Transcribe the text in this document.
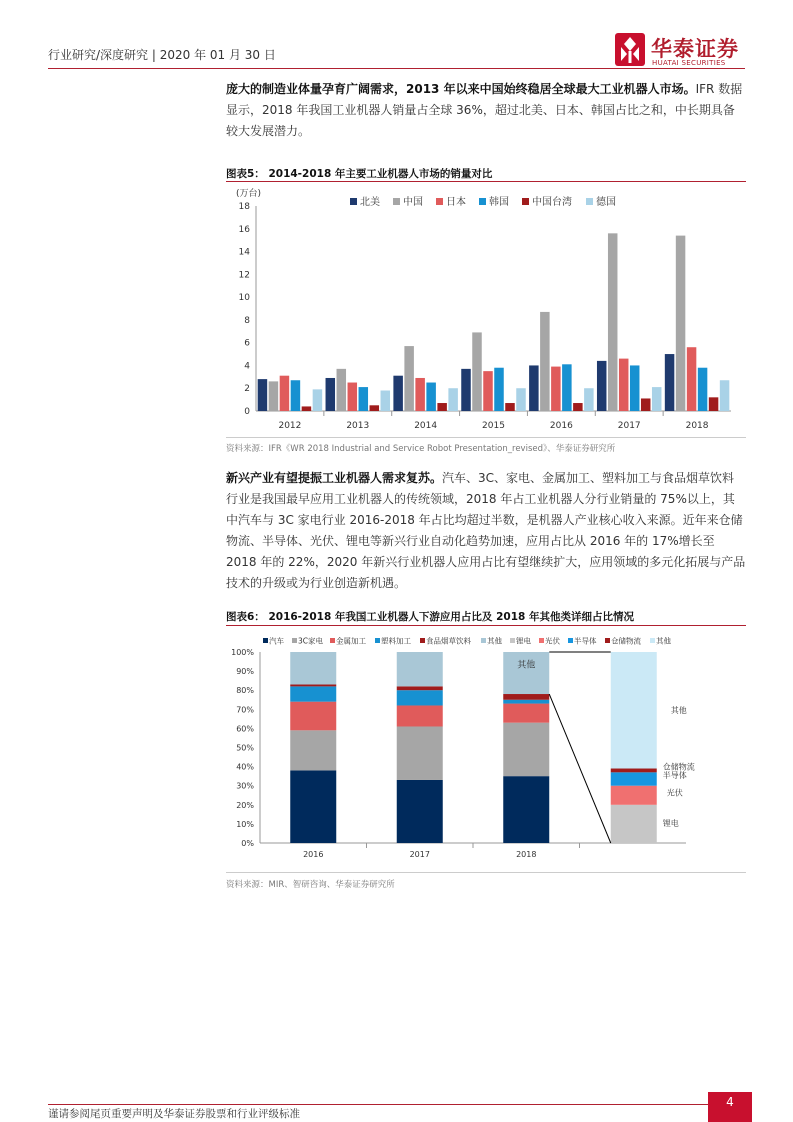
行业研究/深度研究 | 2020 年 01 月 30 日	华泰证券
HUATAI SECURITIES
庞大的制造业体量孕育广阔需求，2013 年以来中国始终稳居全球最大工业机器人市场。IFR 数据显示，2018 年我国工业机器人销量占全球 36%，超过北美、日本、韩国占比之和，中长期具备较大发展潜力。
图表5： 2014-2018 年主要工业机器人市场的销量对比
(万台)
0
2
4
6
8
10
12
14
16
18
2012	2013	2014	2015	2016	2017	2018
北美 中国 日本 韩国 中国台湾 德国
资料来源：IFR《WR 2018 Industrial and Service Robot Presentation_revised》、华泰证券研究所
新兴产业有望提振工业机器人需求复苏。汽车、3C、家电、金属加工、塑料加工与食品烟草饮料行业是我国最早应用工业机器人的传统领域，2018 年占工业机器人分行业销量的 75%以上，其中汽车与 3C 家电行业 2016-2018 年占比均超过半数，是机器人产业核心收入来源。近年来仓储物流、半导体、光伏、锂电等新兴行业自动化趋势加速，应用占比从 2016 年的 17%增长至 2018 年的 22%，2020 年新兴行业机器人应用占比有望继续扩大，应用领域的多元化拓展与产品技术的升级或为行业创造新机遇。
图表6： 2016-2018 年我国工业机器人下游应用占比及 2018 年其他类详细占比情况
0%
10%
20%
30%
40%
50%
60%
70%
80%
90%
100%
2016	2017	2018
其他
其他
仓储物流
半导体
光伏
锂电
汽车 3C家电 金属加工 塑料加工 食品烟草饮料 其他 锂电 光伏 半导体 仓储物流 其他
资料来源：MIR、智研咨询、华泰证券研究所
谨请参阅尾页重要声明及华泰证券股票和行业评级标准
4
